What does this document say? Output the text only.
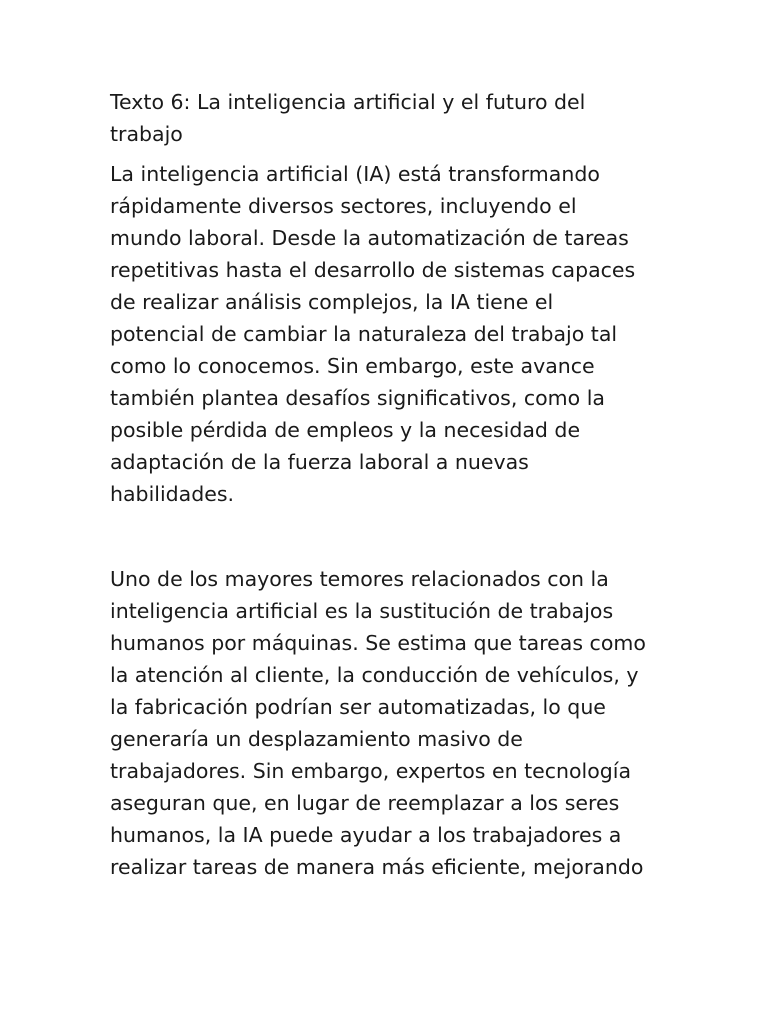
Texto 6: La inteligencia artificial y el futuro del
trabajo

La inteligencia artificial (IA) está transformando
rápidamente diversos sectores, incluyendo el
mundo laboral. Desde la automatización de tareas
repetitivas hasta el desarrollo de sistemas capaces
de realizar análisis complejos, la IA tiene el
potencial de cambiar la naturaleza del trabajo tal
como lo conocemos. Sin embargo, este avance
también plantea desafíos significativos, como la
posible pérdida de empleos y la necesidad de
adaptación de la fuerza laboral a nuevas
habilidades.

Uno de los mayores temores relacionados con la
inteligencia artificial es la sustitución de trabajos
humanos por máquinas. Se estima que tareas como
la atención al cliente, la conducción de vehículos, y
la fabricación podrían ser automatizadas, lo que
generaría un desplazamiento masivo de
trabajadores. Sin embargo, expertos en tecnología
aseguran que, en lugar de reemplazar a los seres
humanos, la IA puede ayudar a los trabajadores a
realizar tareas de manera más eficiente, mejorando
